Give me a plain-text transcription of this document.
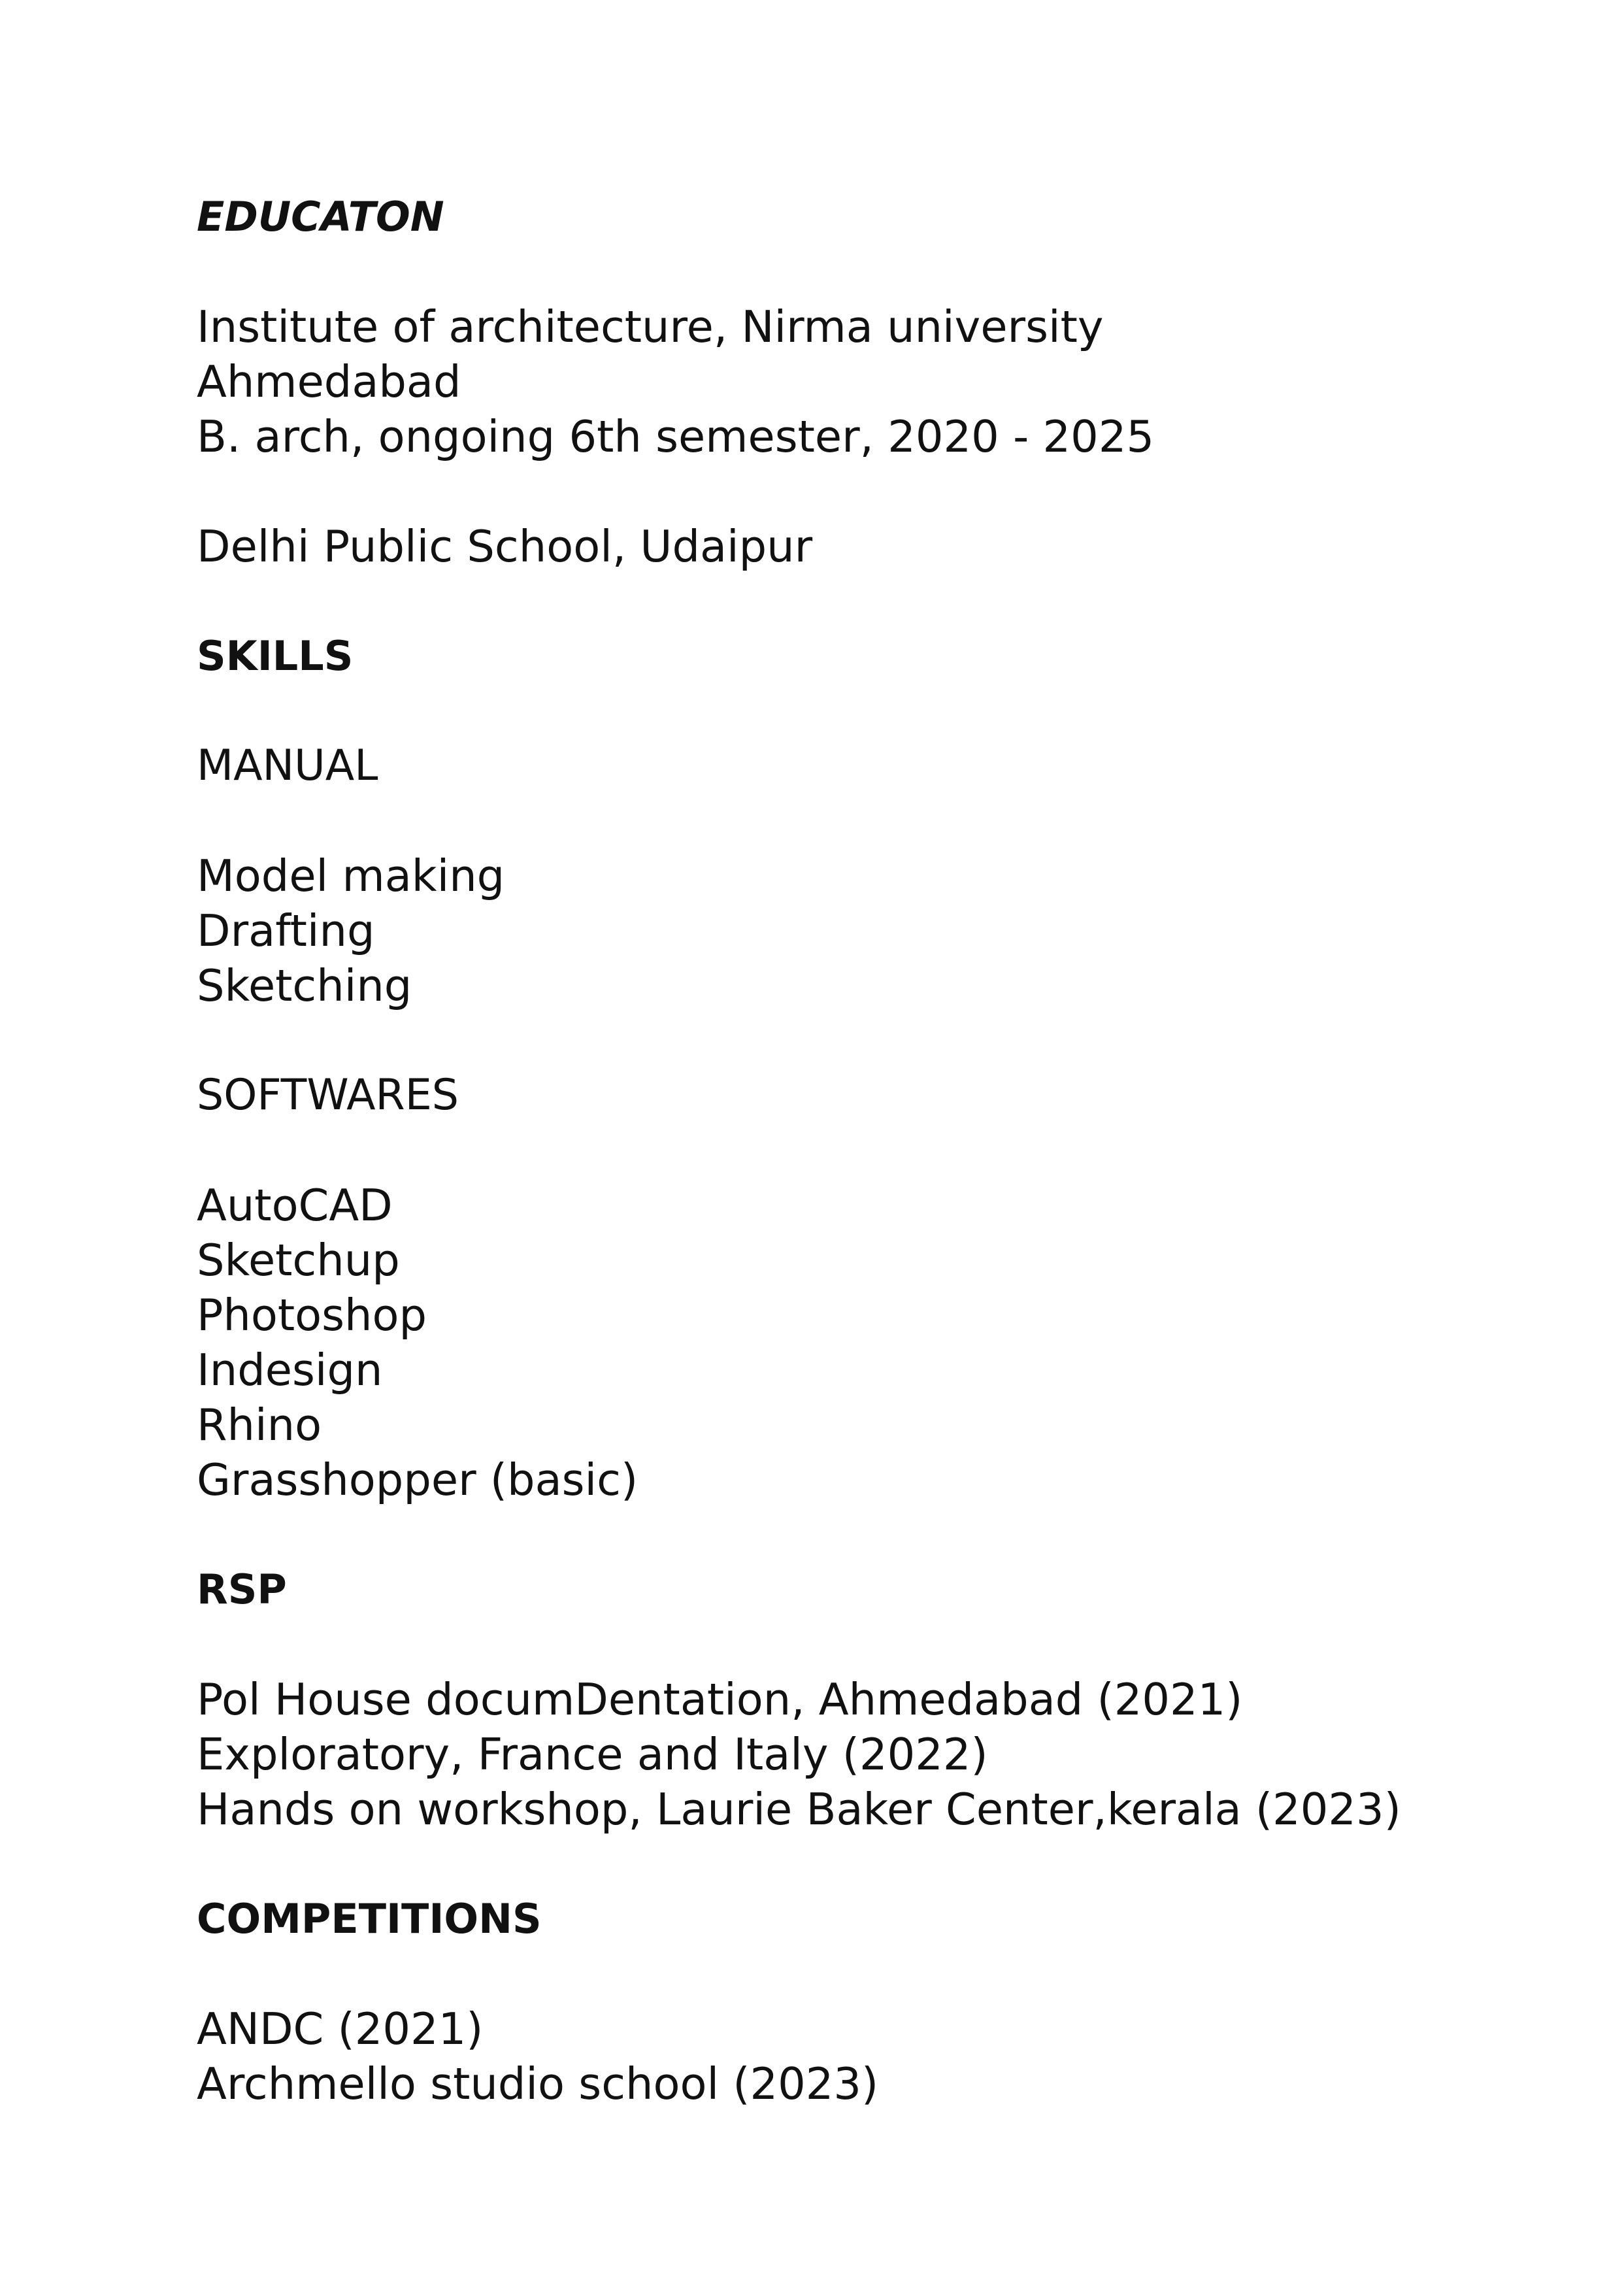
EDUCATON
Institute of architecture, Nirma university
Ahmedabad
B. arch, ongoing 6th semester, 2020 - 2025
Delhi Public School, Udaipur
SKILLS
MANUAL
Model making
Drafting
Sketching
SOFTWARES
AutoCAD
Sketchup
Photoshop
Indesign
Rhino
Grasshopper (basic)
RSP
Pol House documDentation, Ahmedabad (2021)
Exploratory, France and Italy (2022)
Hands on workshop, Laurie Baker Center,kerala (2023)
COMPETITIONS
ANDC (2021)
Archmello studio school (2023)
